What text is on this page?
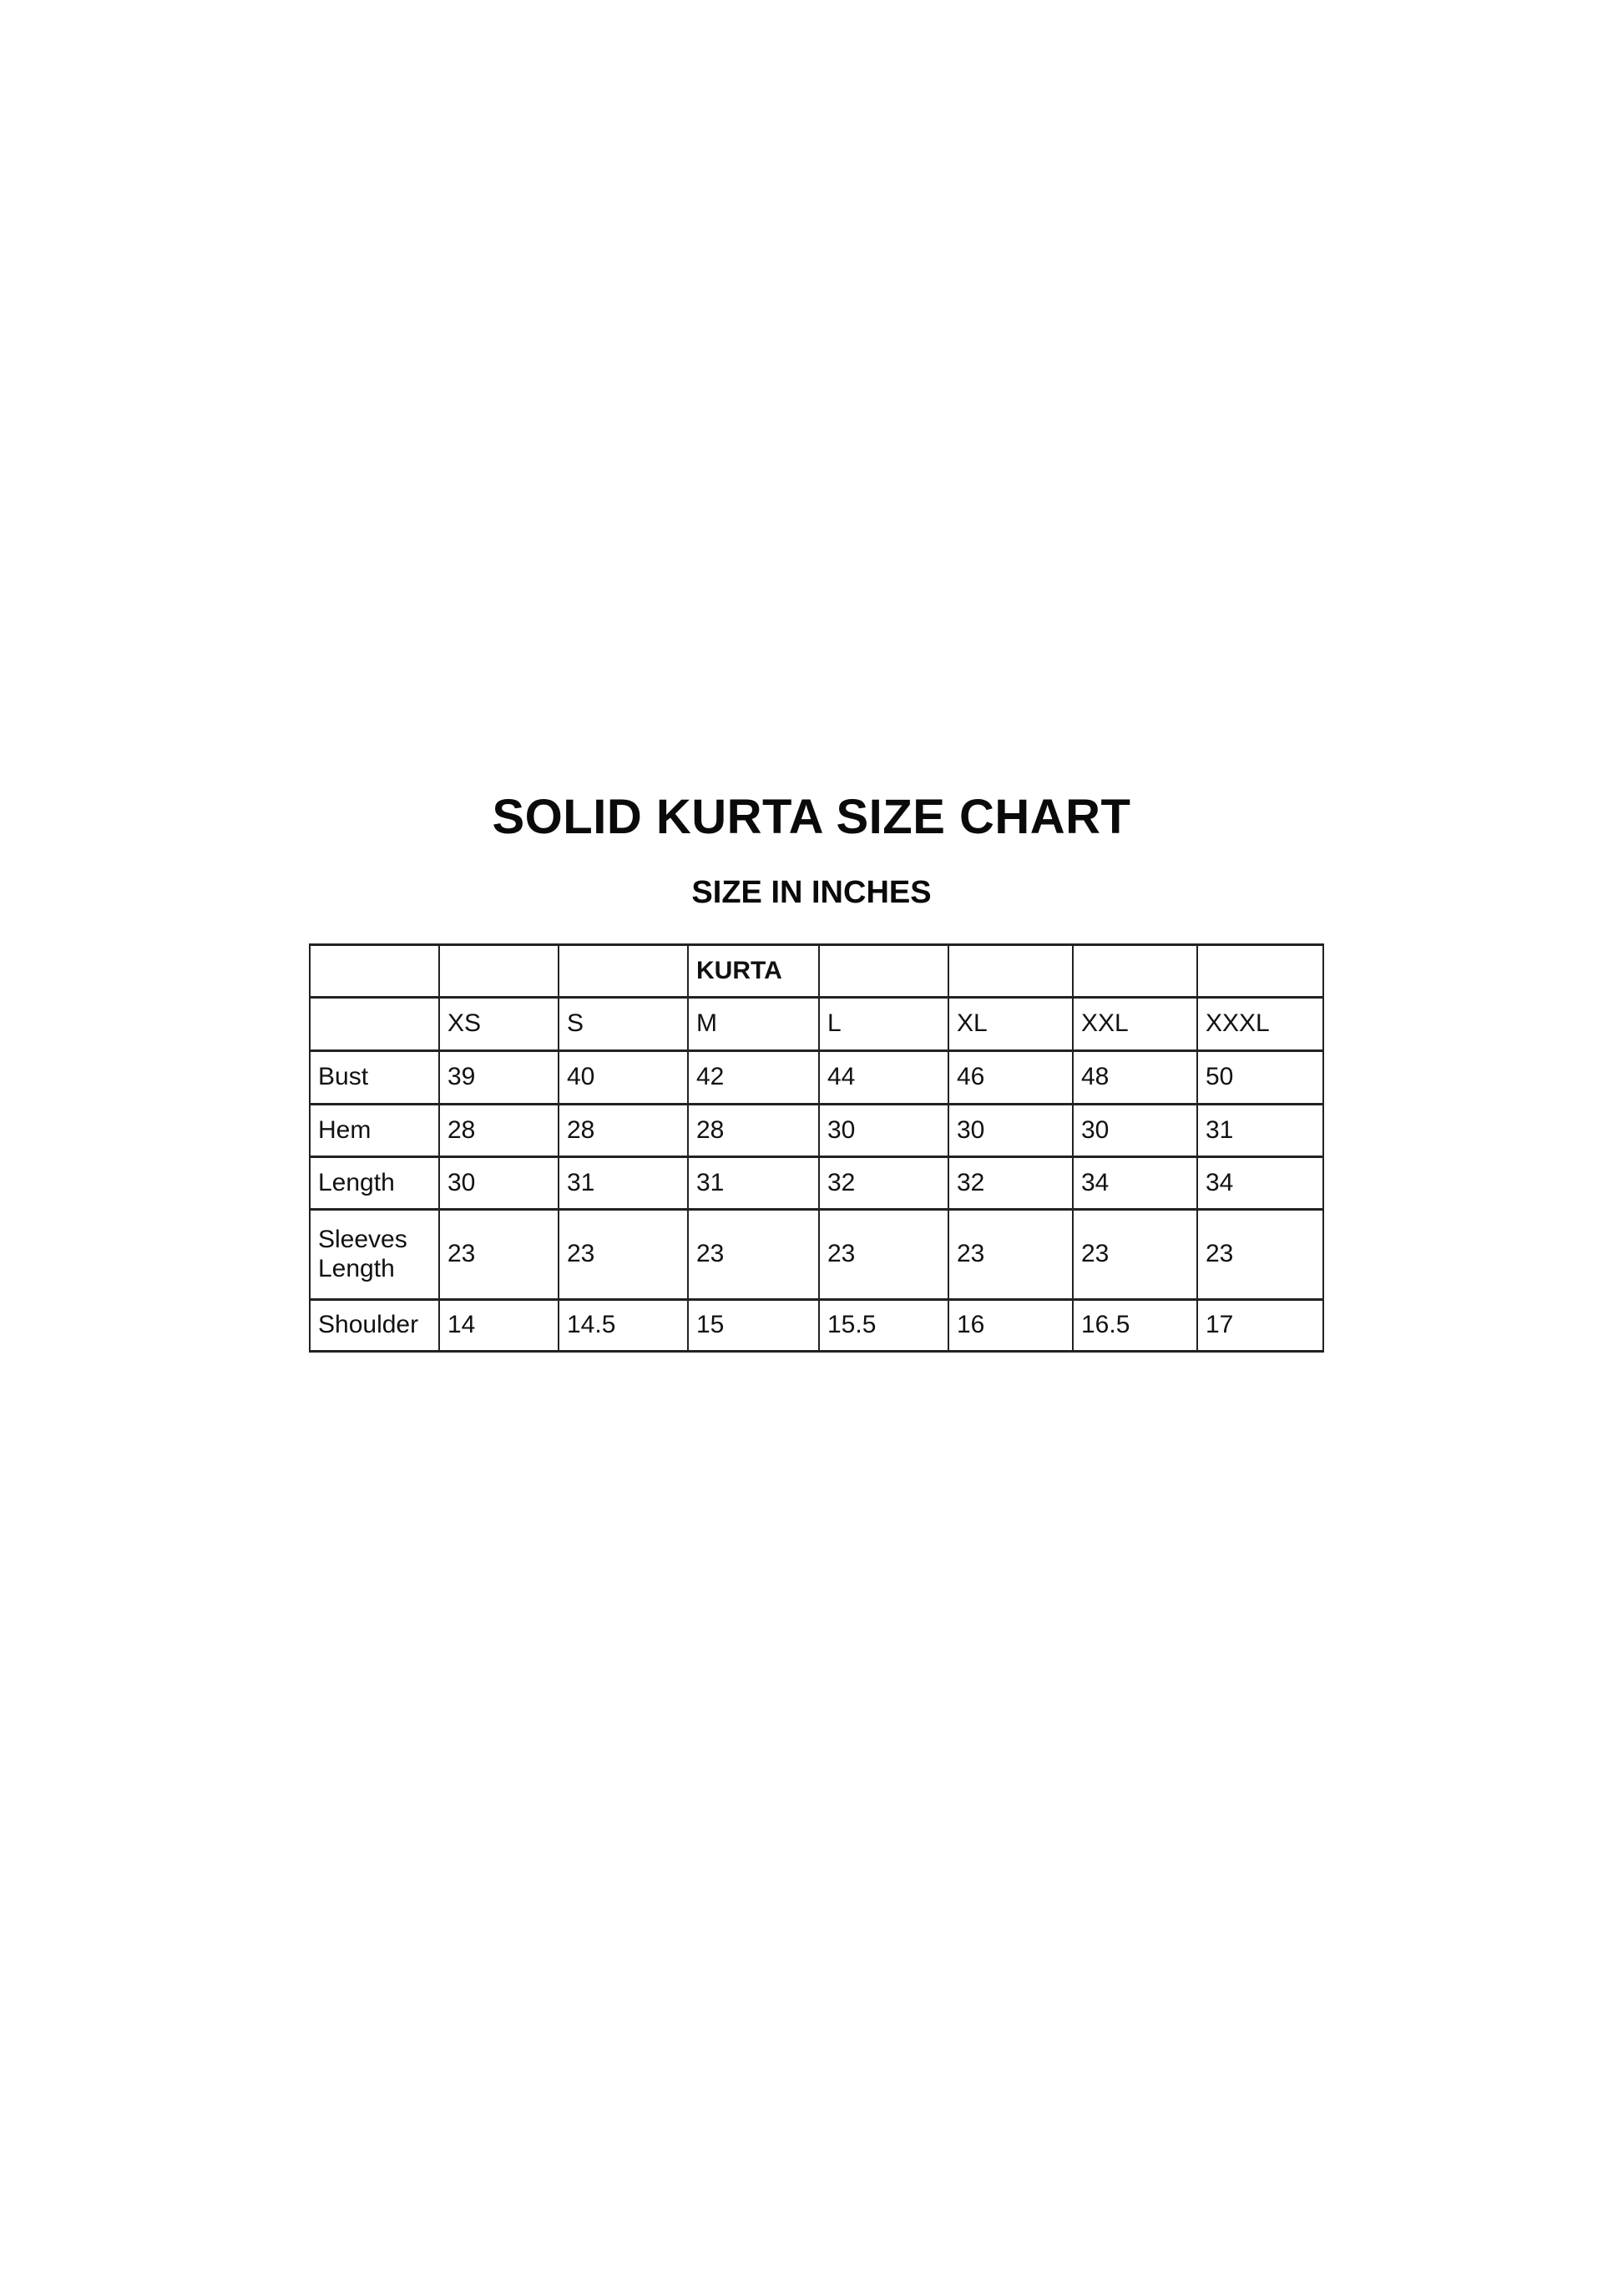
SOLID KURTA SIZE CHART
SIZE IN INCHES
			KURTA				
	XS	S	M	L	XL	XXL	XXXL
Bust	39	40	42	44	46	48	50
Hem	28	28	28	30	30	30	31
Length	30	31	31	32	32	34	34
Sleeves Length	23	23	23	23	23	23	23
Shoulder	14	14.5	15	15.5	16	16.5	17
